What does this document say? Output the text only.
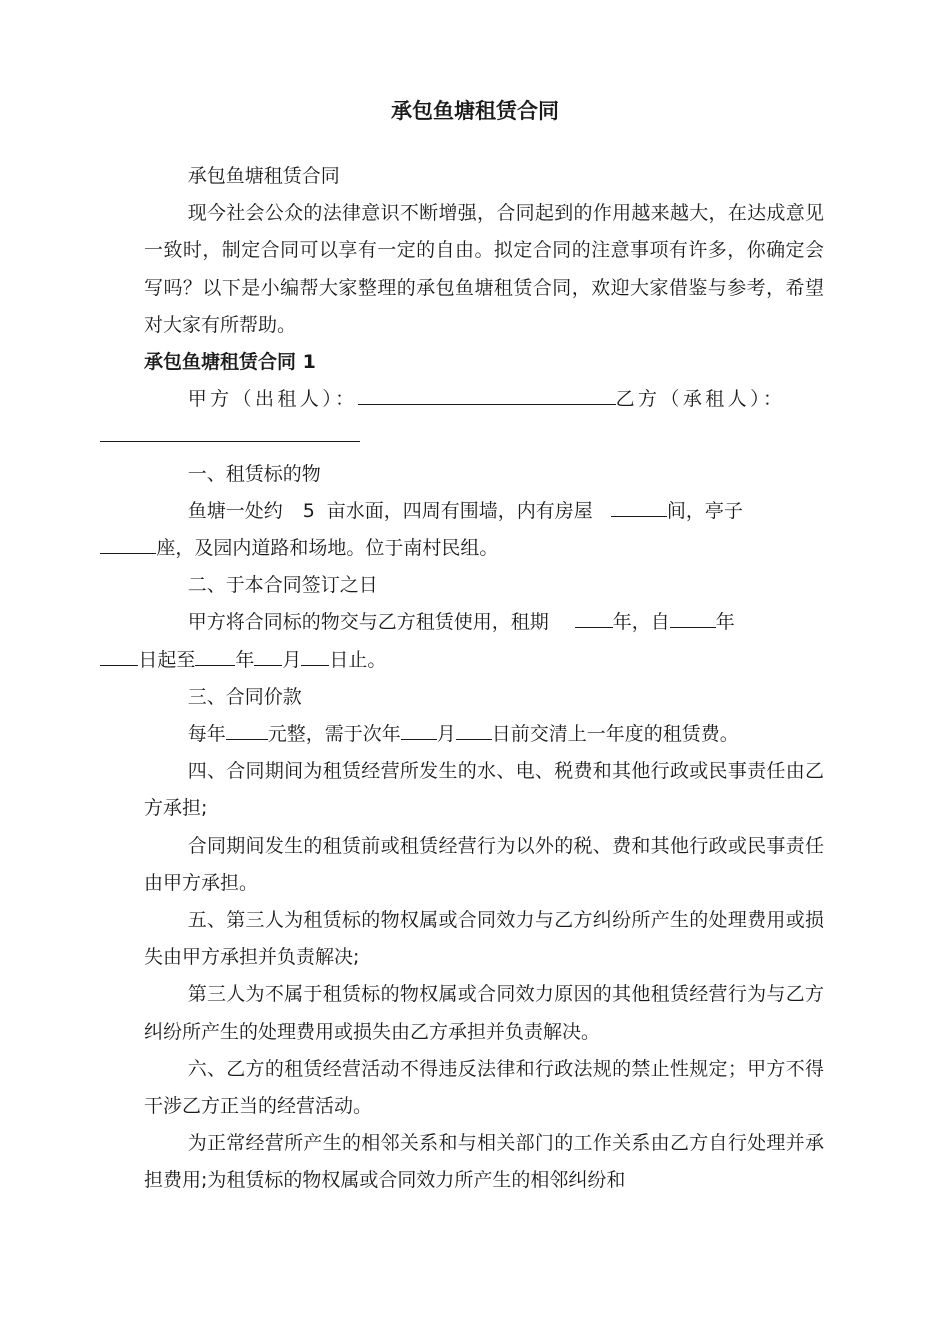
承包鱼塘租赁合同

承包鱼塘租赁合同

现今社会公众的法律意识不断增强，合同起到的作用越来越大，在达成意见一致时，制定合同可以享有一定的自由。拟定合同的注意事项有许多，你确定会写吗？以下是小编帮大家整理的承包鱼塘租赁合同，欢迎大家借鉴与参考，希望对大家有所帮助。

承包鱼塘租赁合同 1

甲方（出租人）：	乙方（承租人）：

一、租赁标的物

鱼塘一处约 5 亩水面，四周有围墙，内有房屋	间，亭子
座，及园内道路和场地。位于南村民组。

二、于本合同签订之日

甲方将合同标的物交与乙方租赁使用，租期	年，自 年
日起至 年 月 日止。

三、合同价款

每年 元整，需于次年 月 日前交清上一年度的租赁费。

四、合同期间为租赁经营所发生的水、电、税费和其他行政或民事责任由乙方承担;

合同期间发生的租赁前或租赁经营行为以外的税、费和其他行政或民事责任由甲方承担。

五、第三人为租赁标的物权属或合同效力与乙方纠纷所产生的处理费用或损失由甲方承担并负责解决;

第三人为不属于租赁标的物权属或合同效力原因的其他租赁经营行为与乙方纠纷所产生的处理费用或损失由乙方承担并负责解决。

六、乙方的租赁经营活动不得违反法律和行政法规的禁止性规定；甲方不得干涉乙方正当的经营活动。

为正常经营所产生的相邻关系和与相关部门的工作关系由乙方自行处理并承担费用;为租赁标的物权属或合同效力所产生的相邻纠纷和
